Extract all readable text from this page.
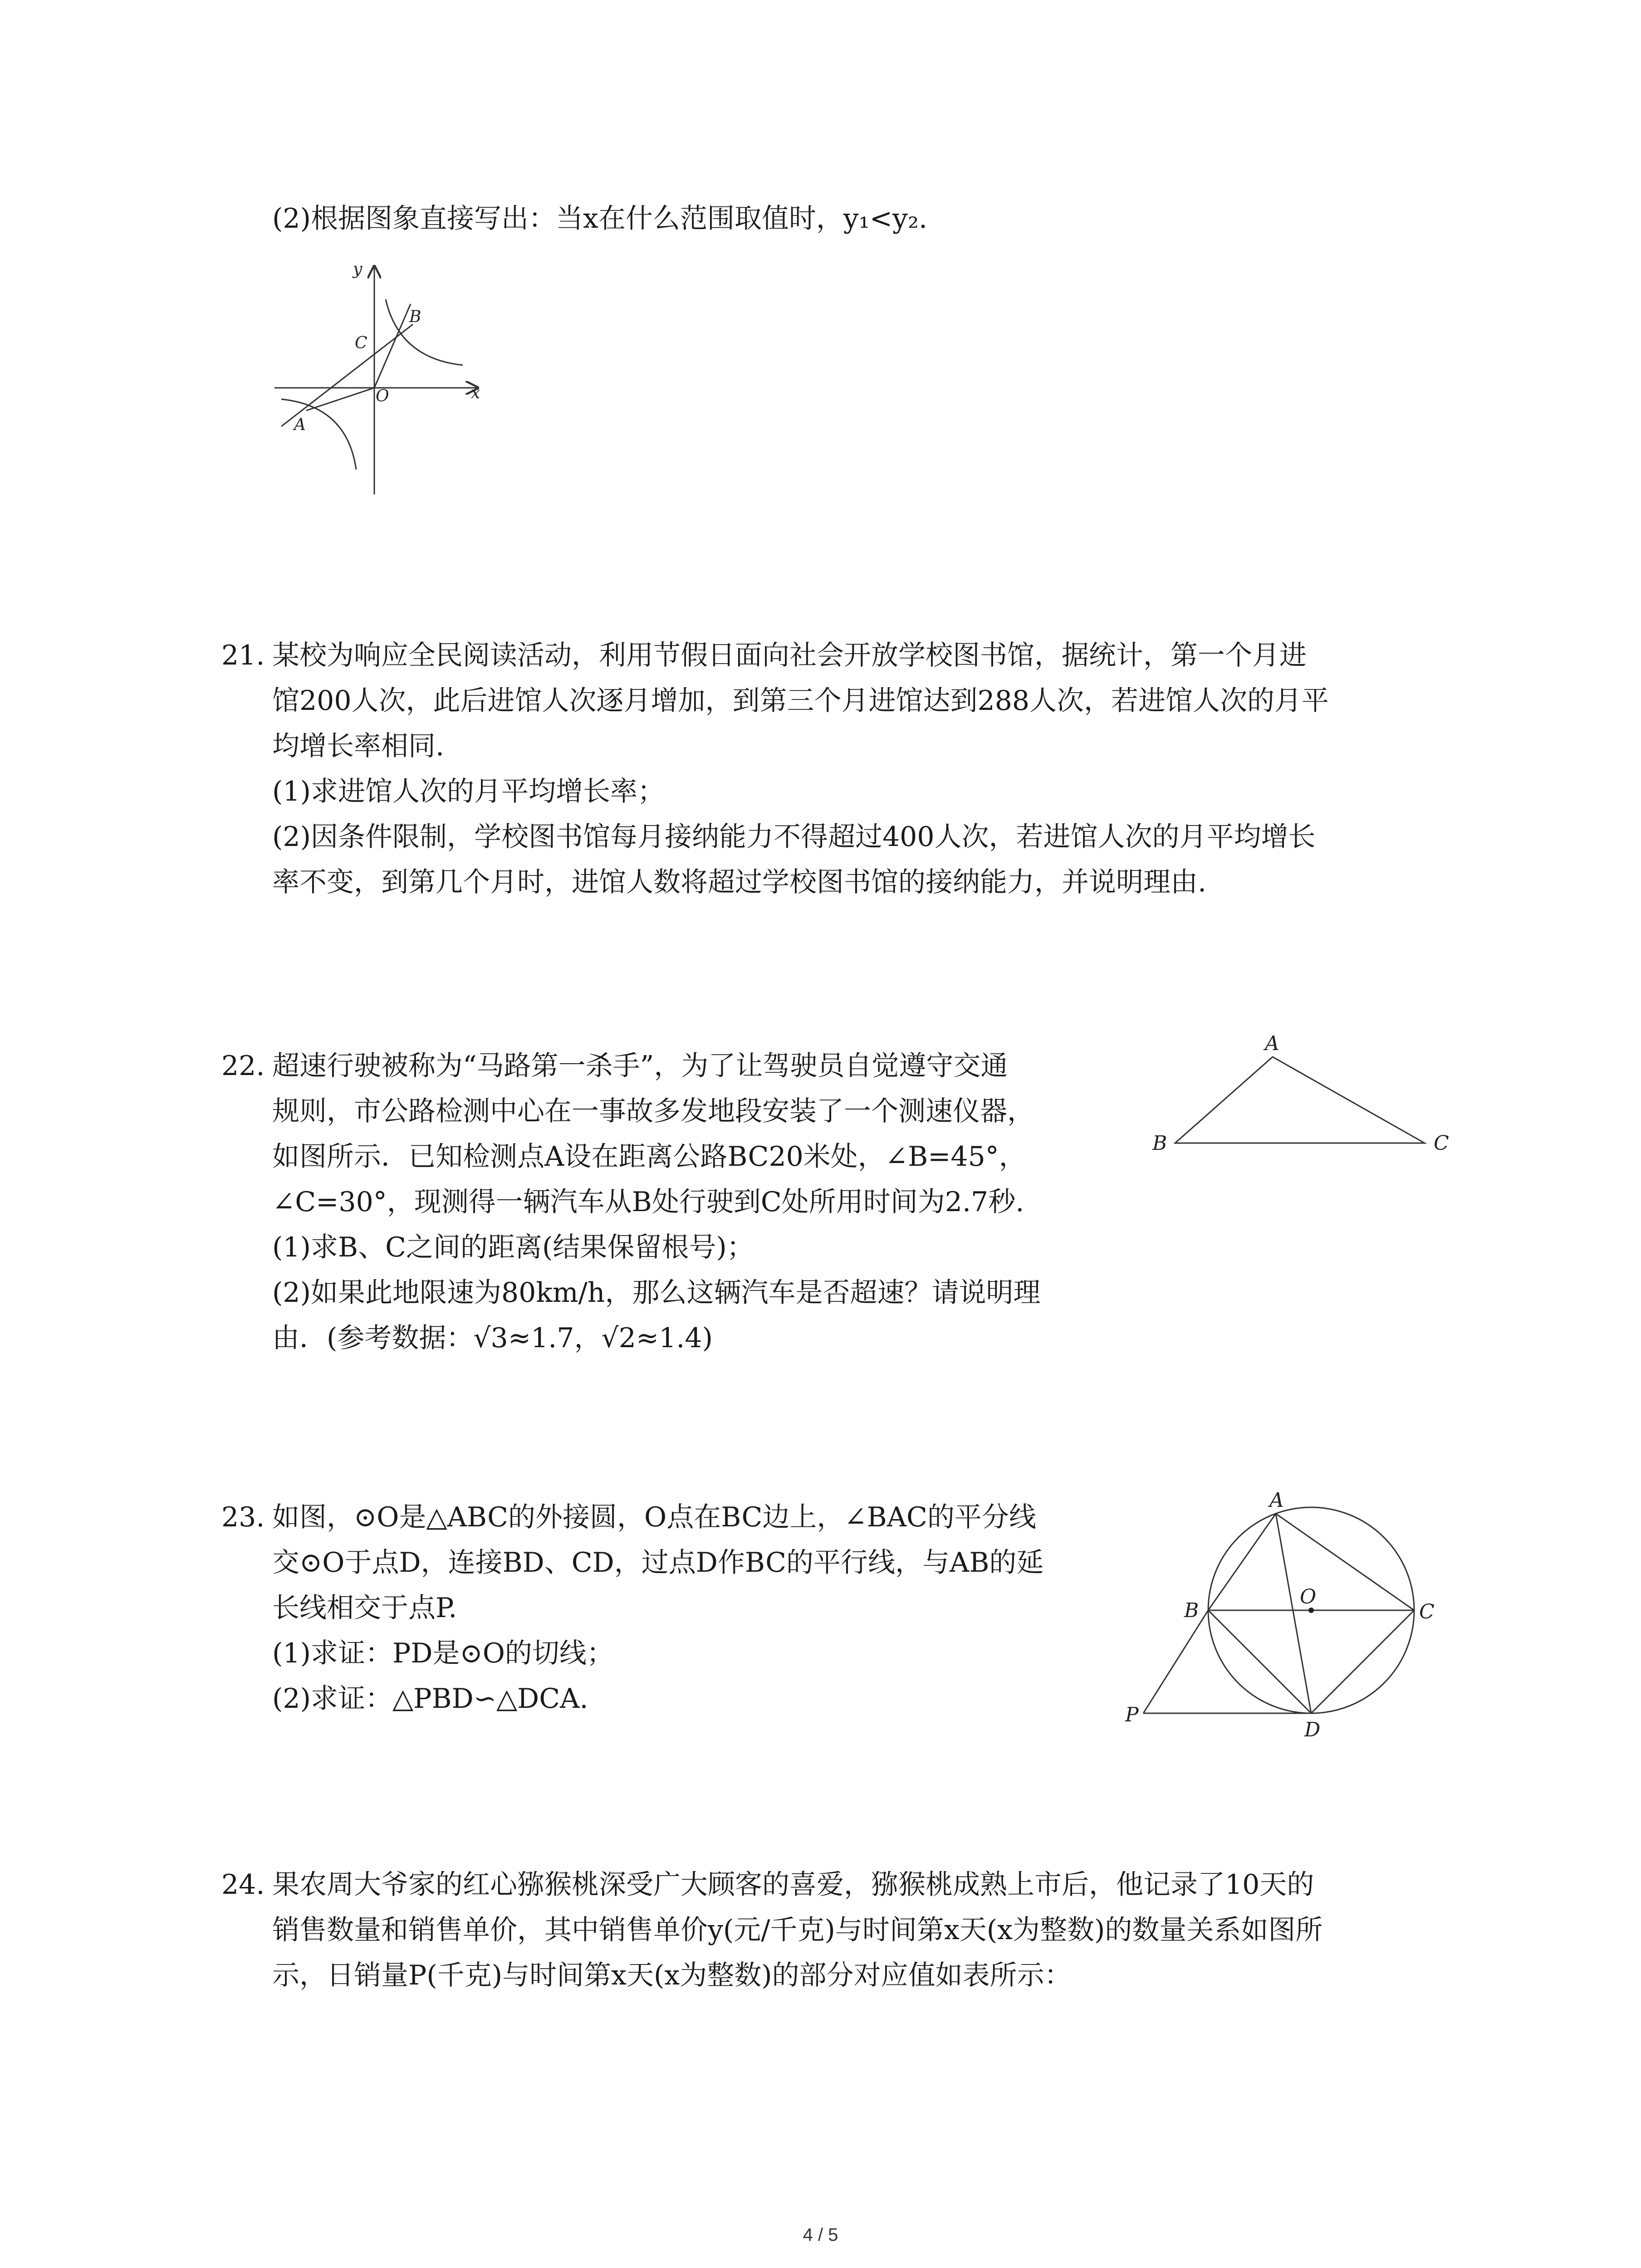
(2)根据图象直接写出：当x在什么范围取值时，y₁<y₂.
y
x
B
C
O
A
21. 某校为响应全民阅读活动，利用节假日面向社会开放学校图书馆，据统计，第一个月进
馆200人次，此后进馆人次逐月增加，到第三个月进馆达到288人次，若进馆人次的月平
均增长率相同.
(1)求进馆人次的月平均增长率；
(2)因条件限制，学校图书馆每月接纳能力不得超过400人次，若进馆人次的月平均增长
率不变，到第几个月时，进馆人数将超过学校图书馆的接纳能力，并说明理由.
22. 超速行驶被称为“马路第一杀手”，为了让驾驶员自觉遵守交通
规则，市公路检测中心在一事故多发地段安装了一个测速仪器，
如图所示．已知检测点A设在距离公路BC20米处，∠B=45°，
∠C=30°，现测得一辆汽车从B处行驶到C处所用时间为2.7秒.
(1)求B、C之间的距离(结果保留根号)；
(2)如果此地限速为80km/h，那么这辆汽车是否超速？请说明理
由．(参考数据：√3≈1.7，√2≈1.4)
A
B	C
23. 如图，⊙O是△ABC的外接圆，O点在BC边上，∠BAC的平分线
交⊙O于点D，连接BD、CD，过点D作BC的平行线，与AB的延
长线相交于点P.
(1)求证：PD是⊙O的切线；
(2)求证：△PBD∽△DCA.
A
B
O
C
P
D
24. 果农周大爷家的红心猕猴桃深受广大顾客的喜爱，猕猴桃成熟上市后，他记录了10天的
销售数量和销售单价，其中销售单价y(元/千克)与时间第x天(x为整数)的数量关系如图所
示，日销量P(千克)与时间第x天(x为整数)的部分对应值如表所示：
4 / 5
